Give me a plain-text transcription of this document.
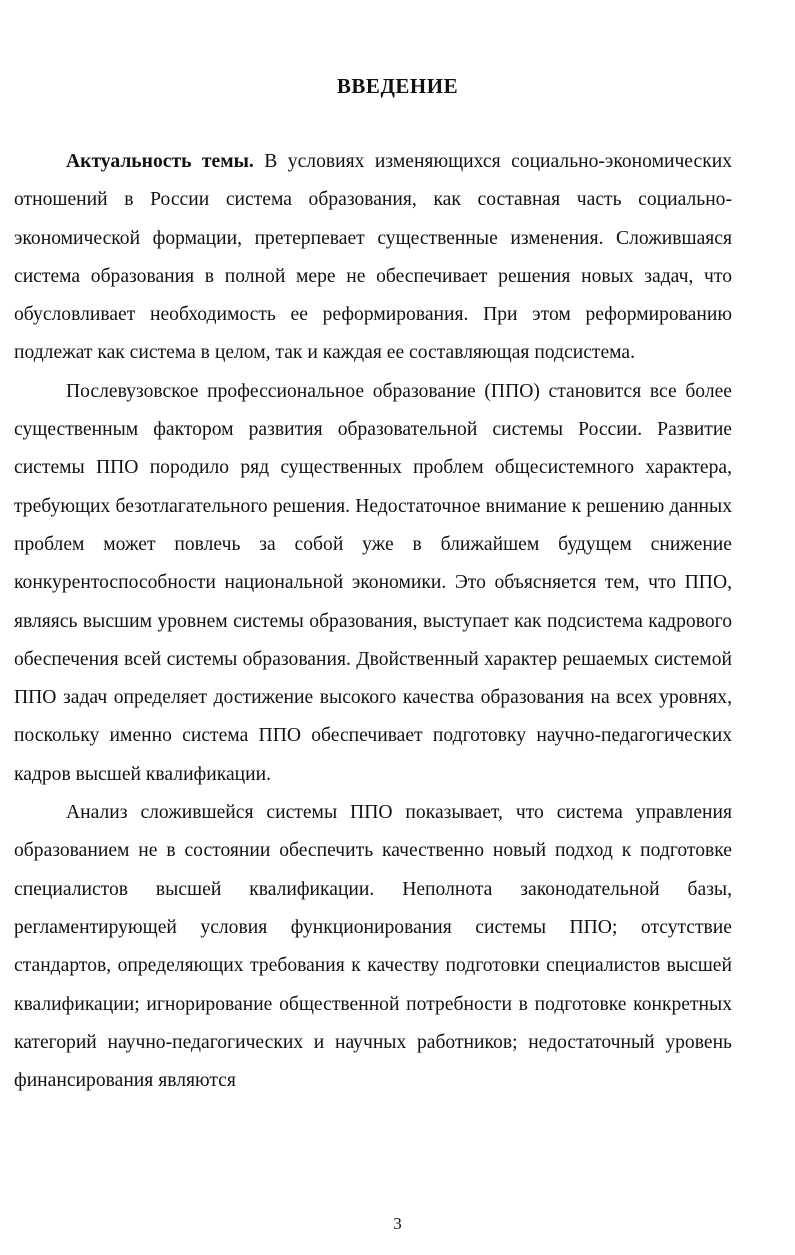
ВВЕДЕНИЕ

Актуальность темы. В условиях изменяющихся социально-экономических отношений в России система образования, как составная часть социально-экономической формации, претерпевает существенные изменения. Сложившаяся система образования в полной мере не обеспечивает решения новых задач, что обусловливает необходимость ее реформирования. При этом реформированию подлежат как система в целом, так и каждая ее составляющая подсистема.

Послевузовское профессиональное образование (ППО) становится все более существенным фактором развития образовательной системы России. Развитие системы ППО породило ряд существенных проблем общесистемного характера, требующих безотлагательного решения. Недостаточное внимание к решению данных проблем может повлечь за собой уже в ближайшем будущем снижение конкурентоспособности национальной экономики. Это объясняется тем, что ППО, являясь высшим уровнем системы образования, выступает как подсистема кадрового обеспечения всей системы образования. Двойственный характер решаемых системой ППО задач определяет достижение высокого качества образования на всех уровнях, поскольку именно система ППО обеспечивает подготовку научно-педагогических кадров высшей квалификации.

Анализ сложившейся системы ППО показывает, что система управления образованием не в состоянии обеспечить качественно новый подход к подготовке специалистов высшей квалификации. Неполнота законодательной базы, регламентирующей условия функционирования системы ППО; отсутствие стандартов, определяющих требования к качеству подготовки специалистов высшей квалификации; игнорирование общественной потребности в подготовке конкретных категорий научно-педагогических и научных работников; недостаточный уровень финансирования являются

3
